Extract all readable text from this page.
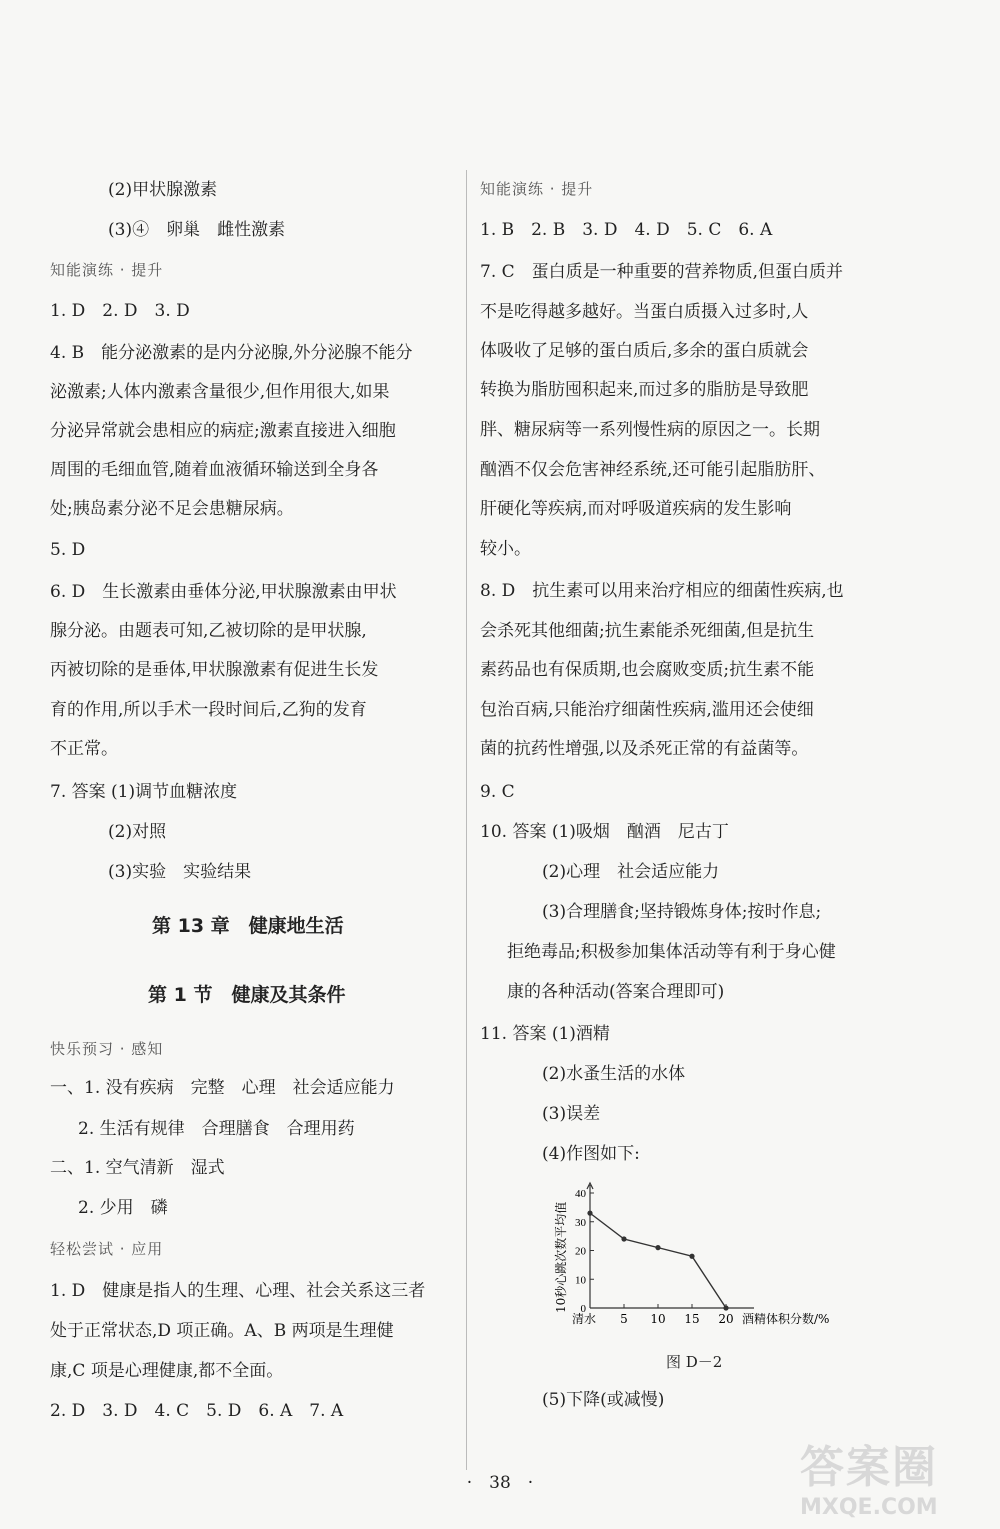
(2)甲状腺激素
(3)④　卵巢　雌性激素
知能演练 · 提升
1. D　2. D　3. D
4. B　能分泌激素的是内分泌腺,外分泌腺不能分
泌激素;人体内激素含量很少,但作用很大,如果
分泌异常就会患相应的病症;激素直接进入细胞
周围的毛细血管,随着血液循环输送到全身各
处;胰岛素分泌不足会患糖尿病。
5. D
6. D　生长激素由垂体分泌,甲状腺激素由甲状
腺分泌。由题表可知,乙被切除的是甲状腺,
丙被切除的是垂体,甲状腺激素有促进生长发
育的作用,所以手术一段时间后,乙狗的发育
不正常。
7. 答案 (1)调节血糖浓度
(2)对照
(3)实验　实验结果
第 13 章　健康地生活
第 1 节　健康及其条件
快乐预习 · 感知
一、1. 没有疾病　完整　心理　社会适应能力
2. 生活有规律　合理膳食　合理用药
二、1. 空气清新　湿式
2. 少用　磷
轻松尝试 · 应用
1. D　健康是指人的生理、心理、社会关系这三者
处于正常状态,D 项正确。A、B 两项是生理健
康,C 项是心理健康,都不全面。
2. D　3. D　4. C　5. D　6. A　7. A
知能演练 · 提升
1. B　2. B　3. D　4. D　5. C　6. A
7. C　蛋白质是一种重要的营养物质,但蛋白质并
不是吃得越多越好。当蛋白质摄入过多时,人
体吸收了足够的蛋白质后,多余的蛋白质就会
转换为脂肪囤积起来,而过多的脂肪是导致肥
胖、糖尿病等一系列慢性病的原因之一。长期
酗酒不仅会危害神经系统,还可能引起脂肪肝、
肝硬化等疾病,而对呼吸道疾病的发生影响
较小。
8. D　抗生素可以用来治疗相应的细菌性疾病,也
会杀死其他细菌;抗生素能杀死细菌,但是抗生
素药品也有保质期,也会腐败变质;抗生素不能
包治百病,只能治疗细菌性疾病,滥用还会使细
菌的抗药性增强,以及杀死正常的有益菌等。
9. C
10. 答案 (1)吸烟　酗酒　尼古丁
(2)心理　社会适应能力
(3)合理膳食;坚持锻炼身体;按时作息;
拒绝毒品;积极参加集体活动等有利于身心健
康的各种活动(答案合理即可)
11. 答案 (1)酒精
(2)水蚤生活的水体
(3)误差
(4)作图如下:
0
10
20
30
40
清水 5 10 15 20 酒精体积分数/%
10秒心跳次数平均值
图 D－2
(5)下降(或减慢)
·　38　·	答案圈
MXQE.COM
